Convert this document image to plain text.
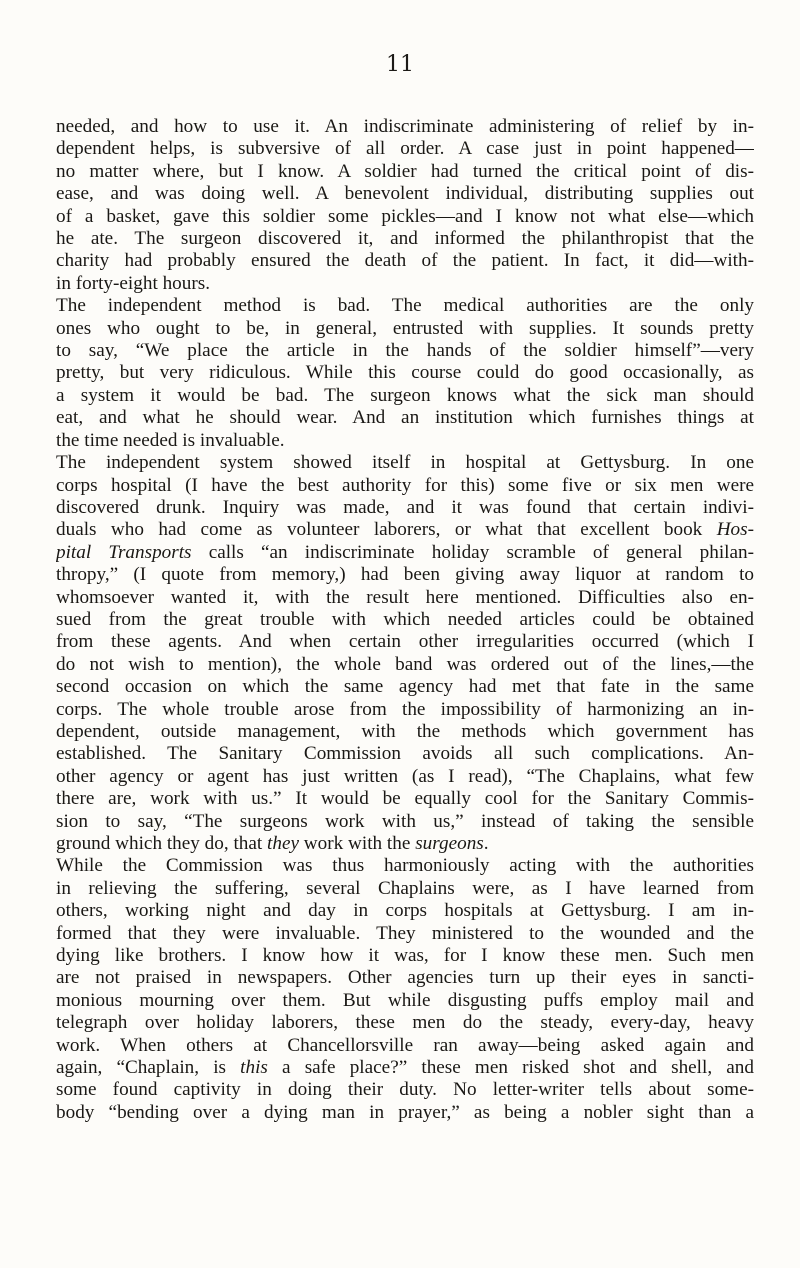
11

needed, and how to use it. An indiscriminate administering of relief by in-
dependent helps, is subversive of all order. A case just in point happened—
no matter where, but I know. A soldier had turned the critical point of dis-
ease, and was doing well. A benevolent individual, distributing supplies out
of a basket, gave this soldier some pickles—and I know not what else—which
he ate. The surgeon discovered it, and informed the philanthropist that the
charity had probably ensured the death of the patient. In fact, it did—with-
in forty-eight hours.

The independent method is bad. The medical authorities are the only
ones who ought to be, in general, entrusted with supplies. It sounds pretty
to say, “We place the article in the hands of the soldier himself”—very
pretty, but very ridiculous. While this course could do good occasionally, as
a system it would be bad. The surgeon knows what the sick man should
eat, and what he should wear. And an institution which furnishes things at
the time needed is invaluable.

The independent system showed itself in hospital at Gettysburg. In one
corps hospital (I have the best authority for this) some five or six men were
discovered drunk. Inquiry was made, and it was found that certain indivi-
duals who had come as volunteer laborers, or what that excellent book Hos-
pital Transports calls “an indiscriminate holiday scramble of general philan-
thropy,” (I quote from memory,) had been giving away liquor at random to
whomsoever wanted it, with the result here mentioned. Difficulties also en-
sued from the great trouble with which needed articles could be obtained
from these agents. And when certain other irregularities occurred (which I
do not wish to mention), the whole band was ordered out of the lines,—the
second occasion on which the same agency had met that fate in the same
corps. The whole trouble arose from the impossibility of harmonizing an in-
dependent, outside management, with the methods which government has
established. The Sanitary Commission avoids all such complications. An-
other agency or agent has just written (as I read), “The Chaplains, what few
there are, work with us.” It would be equally cool for the Sanitary Commis-
sion to say, “The surgeons work with us,” instead of taking the sensible
ground which they do, that they work with the surgeons.

While the Commission was thus harmoniously acting with the authorities
in relieving the suffering, several Chaplains were, as I have learned from
others, working night and day in corps hospitals at Gettysburg. I am in-
formed that they were invaluable. They ministered to the wounded and the
dying like brothers. I know how it was, for I know these men. Such men
are not praised in newspapers. Other agencies turn up their eyes in sancti-
monious mourning over them. But while disgusting puffs employ mail and
telegraph over holiday laborers, these men do the steady, every-day, heavy
work. When others at Chancellorsville ran away—being asked again and
again, “Chaplain, is this a safe place?” these men risked shot and shell, and
some found captivity in doing their duty. No letter-writer tells about some-
body “bending over a dying man in prayer,” as being a nobler sight than a
